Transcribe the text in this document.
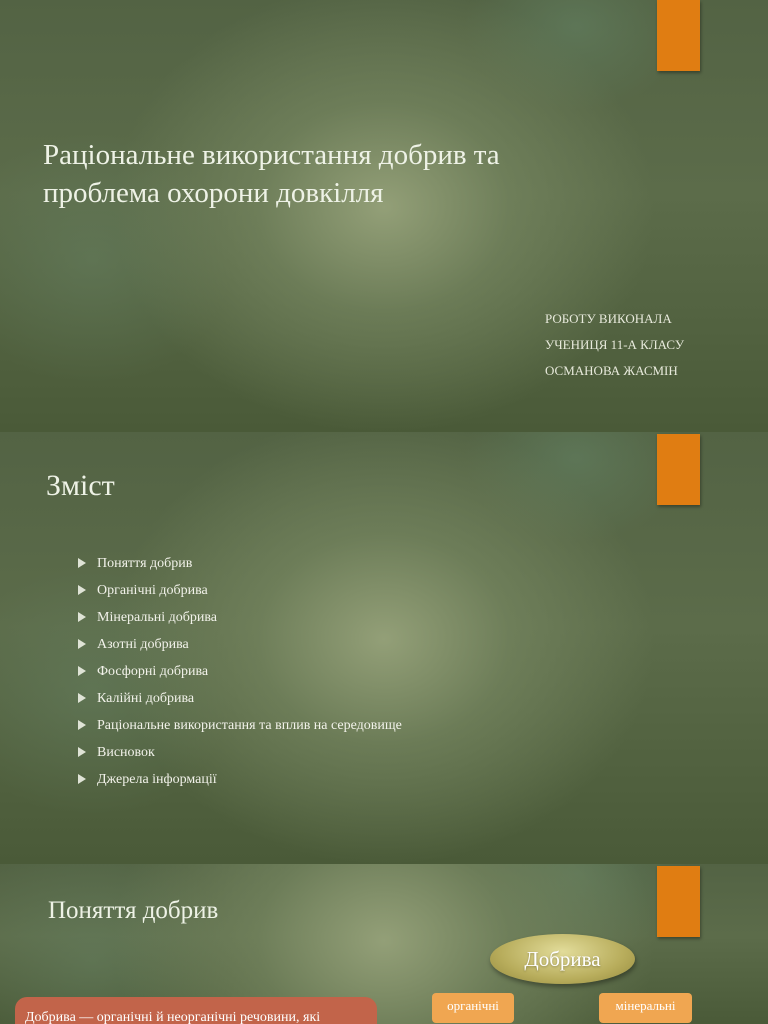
Раціональне використання добрив та
проблема охорони довкілля
РОБОТУ ВИКОНАЛА
УЧЕНИЦЯ 11-А КЛАСУ
ОСМАНОВА ЖАСМІН
Зміст
Поняття добрив
Органічні добрива
Мінеральні добрива
Азотні добрива
Фосфорні добрива
Калійні добрива
Раціональне використання та вплив на середовище
Висновок
Джерела інформації
Поняття добрив
Добрива
органічні	мінеральні
Добрива — органічні й неорганічні речовини, які
